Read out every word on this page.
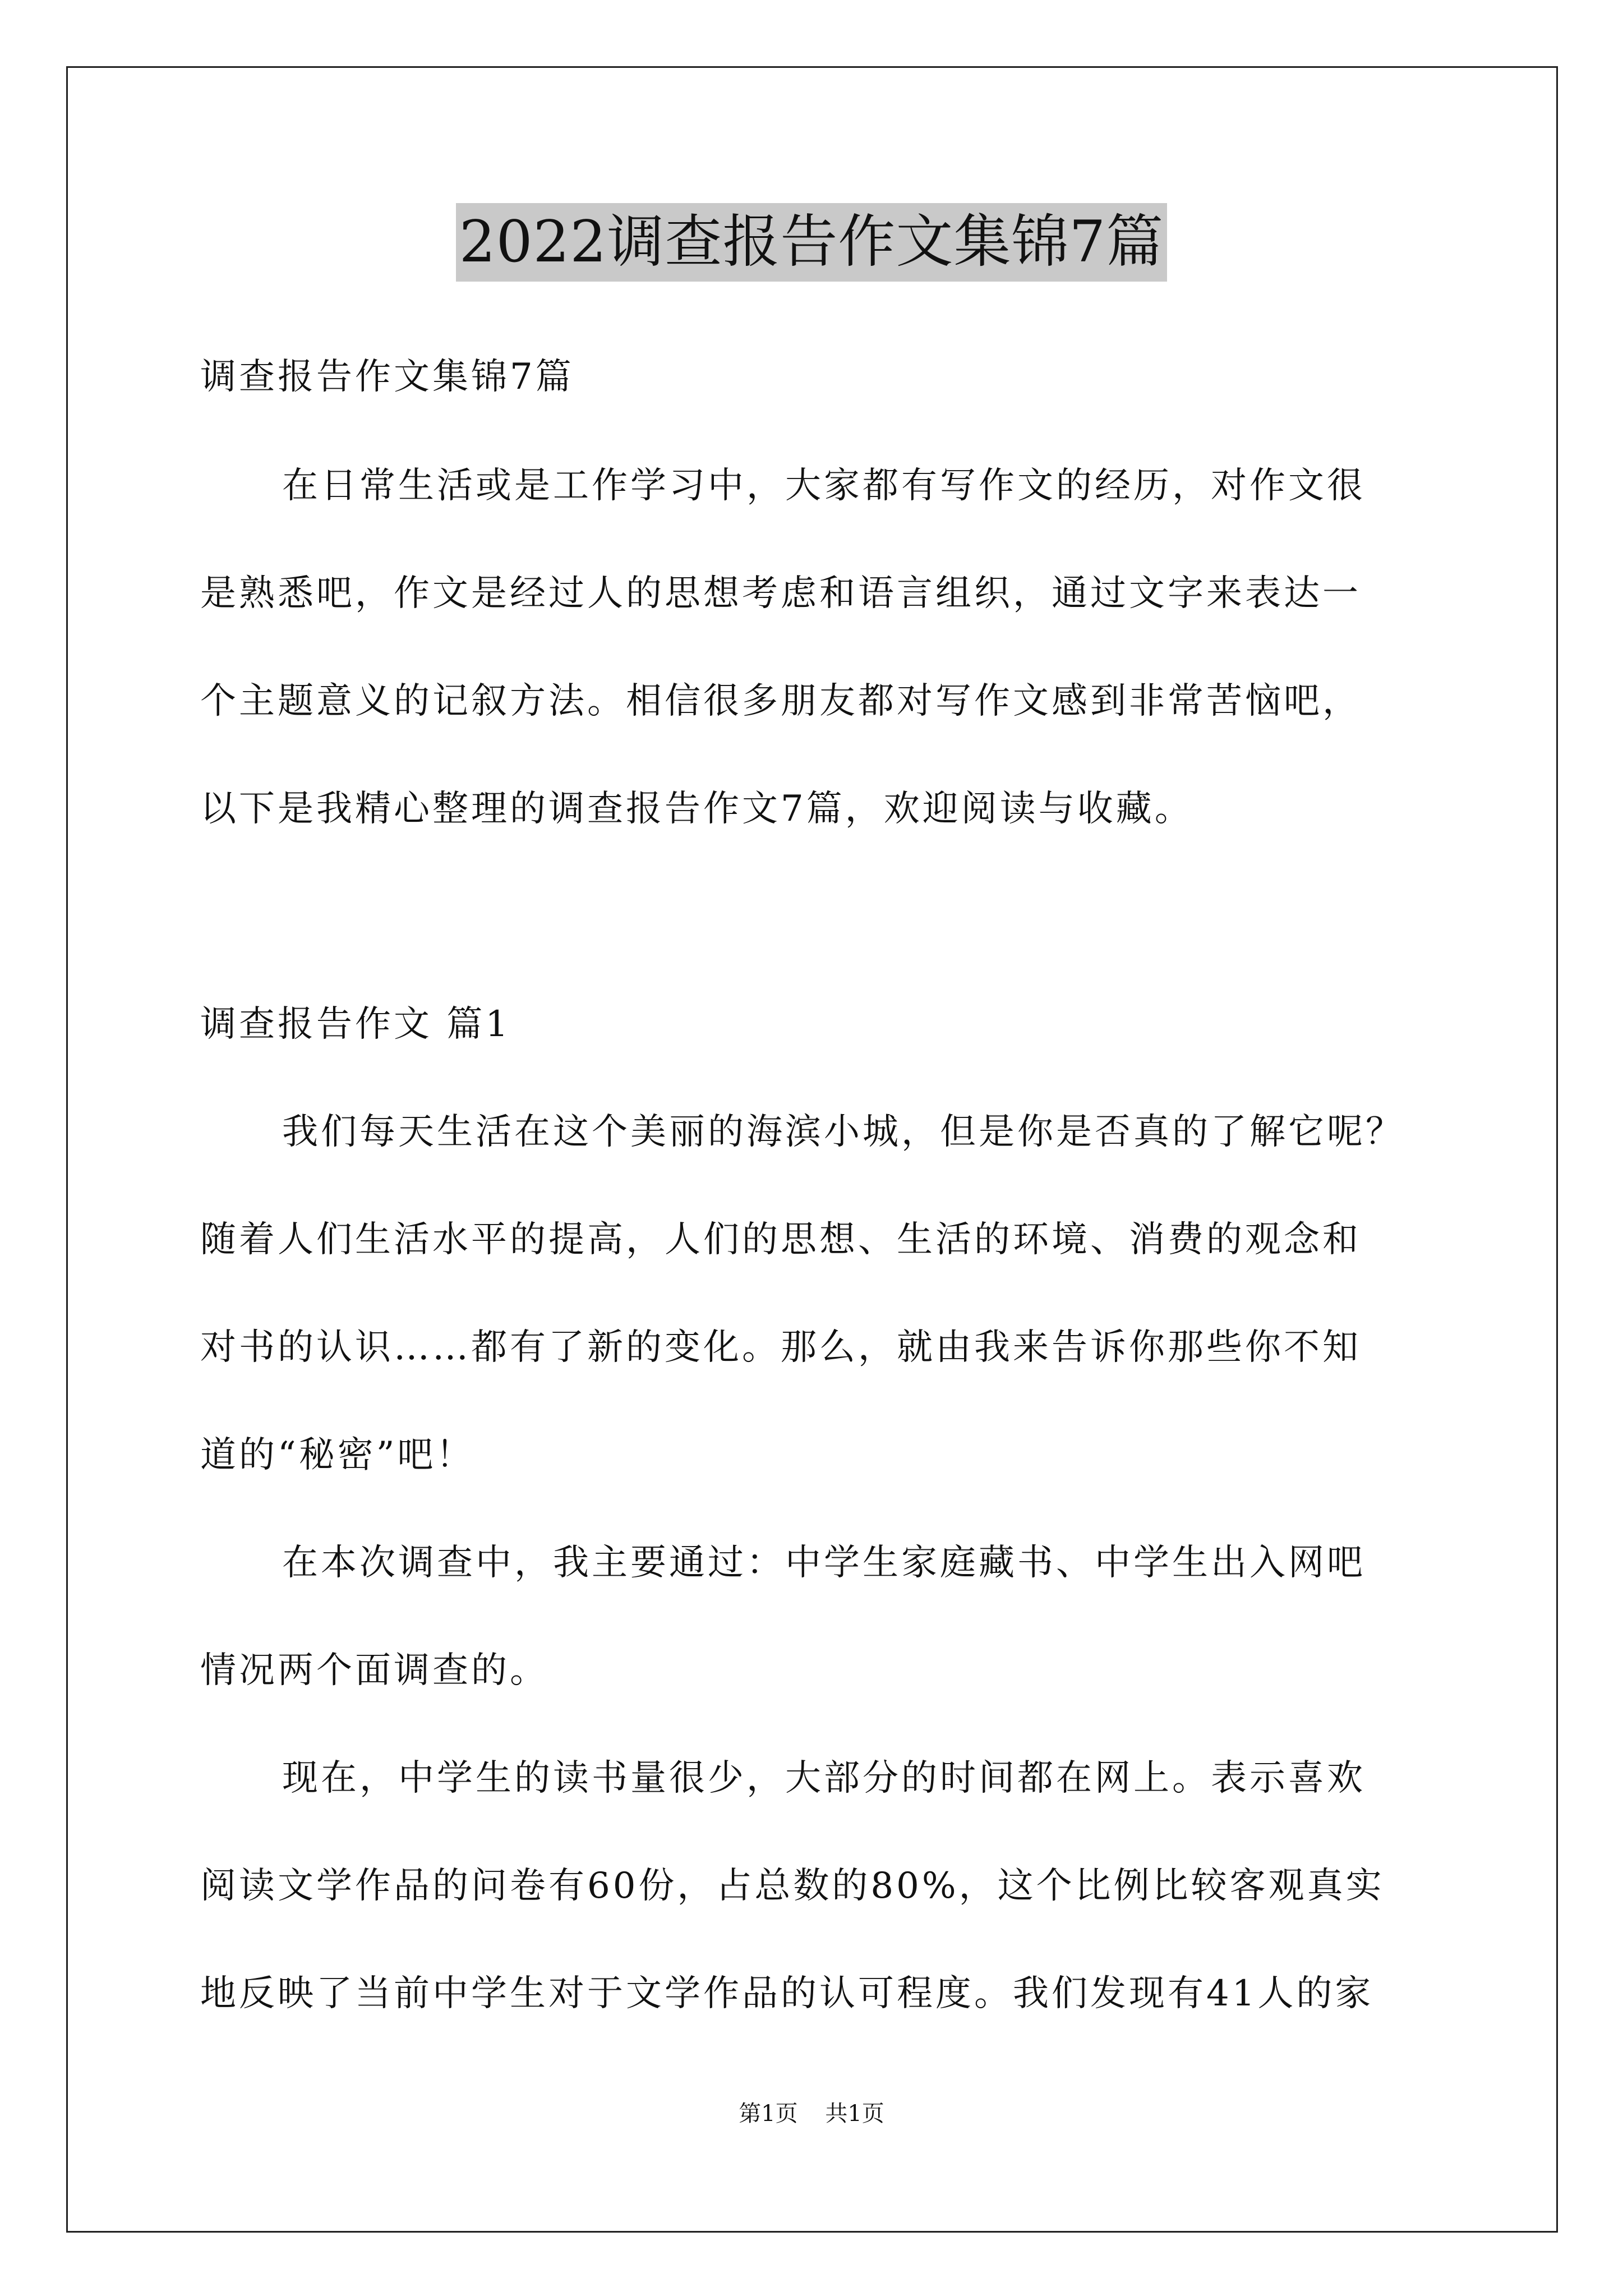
2022调查报告作文集锦7篇
调查报告作文集锦7篇
在日常生活或是工作学习中，大家都有写作文的经历，对作文很
是熟悉吧，作文是经过人的思想考虑和语言组织，通过文字来表达一
个主题意义的记叙方法。相信很多朋友都对写作文感到非常苦恼吧，
以下是我精心整理的调查报告作文7篇，欢迎阅读与收藏。
调查报告作文 篇1
我们每天生活在这个美丽的海滨小城，但是你是否真的了解它呢？
随着人们生活水平的提高，人们的思想、生活的环境、消费的观念和
对书的认识……都有了新的变化。那么，就由我来告诉你那些你不知
道的“秘密”吧！
在本次调查中，我主要通过：中学生家庭藏书、中学生出入网吧
情况两个面调查的。
现在，中学生的读书量很少，大部分的时间都在网上。表示喜欢
阅读文学作品的问卷有60份，占总数的80%，这个比例比较客观真实
地反映了当前中学生对于文学作品的认可程度。我们发现有41人的家
第1页 共1页
